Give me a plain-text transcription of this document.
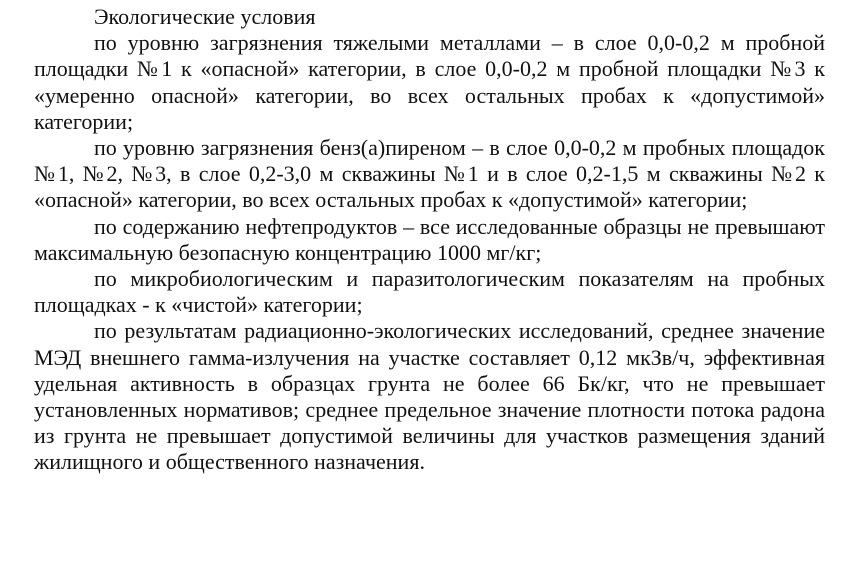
Экологические условия

по уровню загрязнения тяжелыми металлами – в слое 0,0-0,2 м пробной площадки №1 к «опасной» категории, в слое 0,0-0,2 м пробной площадки №3 к «умеренно опасной» категории, во всех остальных пробах к «допустимой» категории;

по уровню загрязнения бенз(а)пиреном – в слое 0,0-0,2 м пробных площадок №1, №2, №3, в слое 0,2-3,0 м скважины №1 и в слое 0,2-1,5 м скважины №2 к «опасной» категории, во всех остальных пробах к «допустимой» категории;

по содержанию нефтепродуктов – все исследованные образцы не превышают максимальную безопасную концентрацию 1000 мг/кг;

по микробиологическим и паразитологическим показателям на пробных площадках - к «чистой» категории;

по результатам радиационно-экологических исследований, среднее значение МЭД внешнего гамма-излучения на участке составляет 0,12 мкЗв/ч, эффективная удельная активность в образцах грунта не более 66 Бк/кг, что не превышает установленных нормативов; среднее предельное значение плотности потока радона из грунта не превышает допустимой величины для участков размещения зданий жилищного и общественного назначения.
